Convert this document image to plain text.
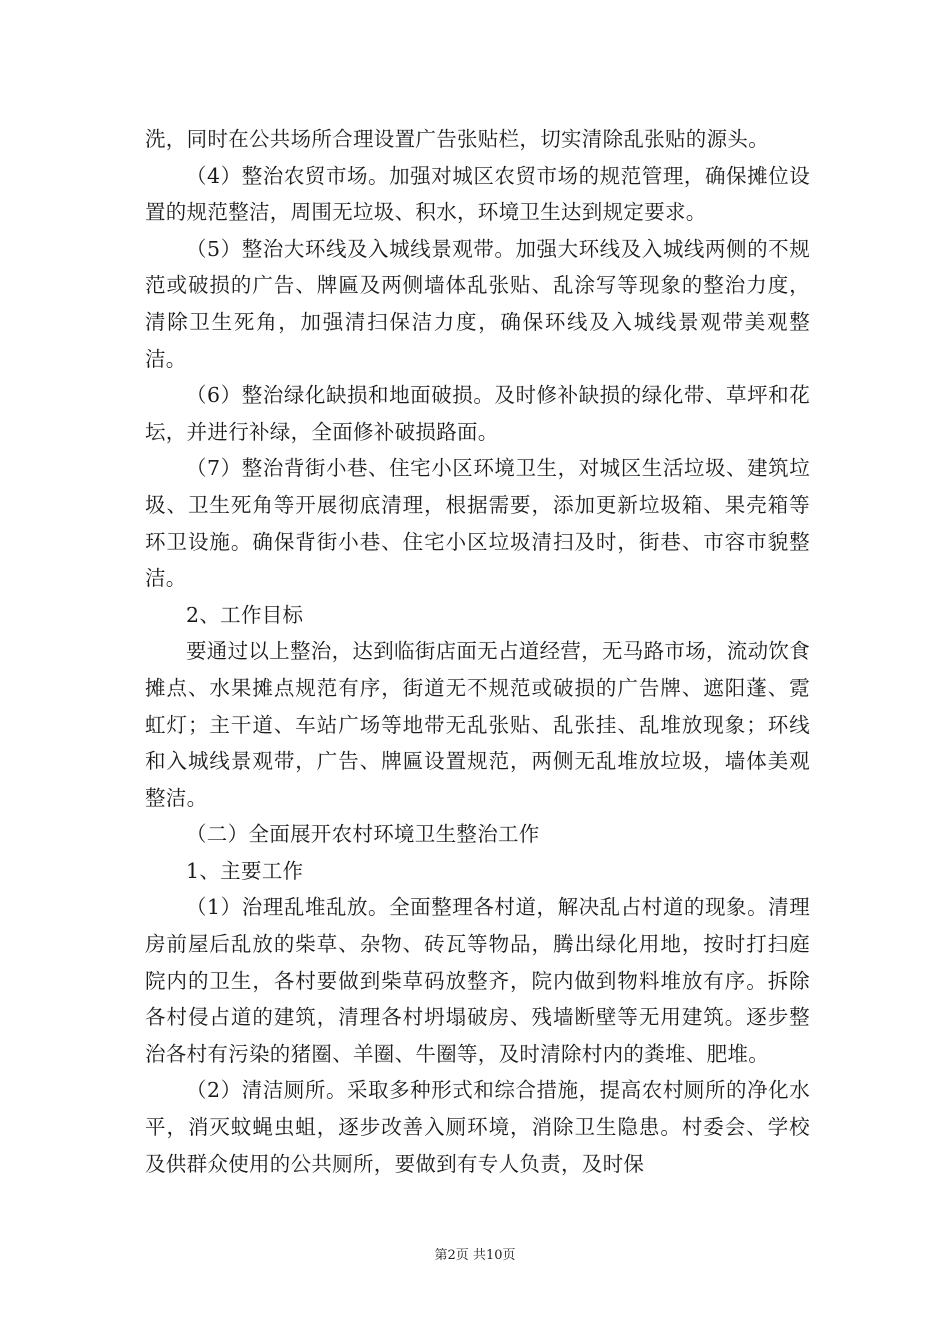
洗，同时在公共场所合理设置广告张贴栏，切实清除乱张贴的源头。

（4）整治农贸市场。加强对城区农贸市场的规范管理，确保摊位设置的规范整洁，周围无垃圾、积水，环境卫生达到规定要求。

（5）整治大环线及入城线景观带。加强大环线及入城线两侧的不规范或破损的广告、牌匾及两侧墙体乱张贴、乱涂写等现象的整治力度，清除卫生死角，加强清扫保洁力度，确保环线及入城线景观带美观整洁。

（6）整治绿化缺损和地面破损。及时修补缺损的绿化带、草坪和花坛，并进行补绿，全面修补破损路面。

（7）整治背街小巷、住宅小区环境卫生，对城区生活垃圾、建筑垃圾、卫生死角等开展彻底清理，根据需要，添加更新垃圾箱、果壳箱等环卫设施。确保背街小巷、住宅小区垃圾清扫及时，街巷、市容市貌整洁。

2、工作目标

要通过以上整治，达到临街店面无占道经营，无马路市场，流动饮食摊点、水果摊点规范有序，街道无不规范或破损的广告牌、遮阳蓬、霓虹灯；主干道、车站广场等地带无乱张贴、乱张挂、乱堆放现象；环线和入城线景观带，广告、牌匾设置规范，两侧无乱堆放垃圾，墙体美观整洁。

（二）全面展开农村环境卫生整治工作

1、主要工作

（1）治理乱堆乱放。全面整理各村道，解决乱占村道的现象。清理房前屋后乱放的柴草、杂物、砖瓦等物品，腾出绿化用地，按时打扫庭院内的卫生，各村要做到柴草码放整齐，院内做到物料堆放有序。拆除各村侵占道的建筑，清理各村坍塌破房、残墙断壁等无用建筑。逐步整治各村有污染的猪圈、羊圈、牛圈等，及时清除村内的粪堆、肥堆。

（2）清洁厕所。采取多种形式和综合措施，提高农村厕所的净化水平，消灭蚊蝇虫蛆，逐步改善入厕环境，消除卫生隐患。村委会、学校及供群众使用的公共厕所，要做到有专人负责，及时保

第2页 共10页
